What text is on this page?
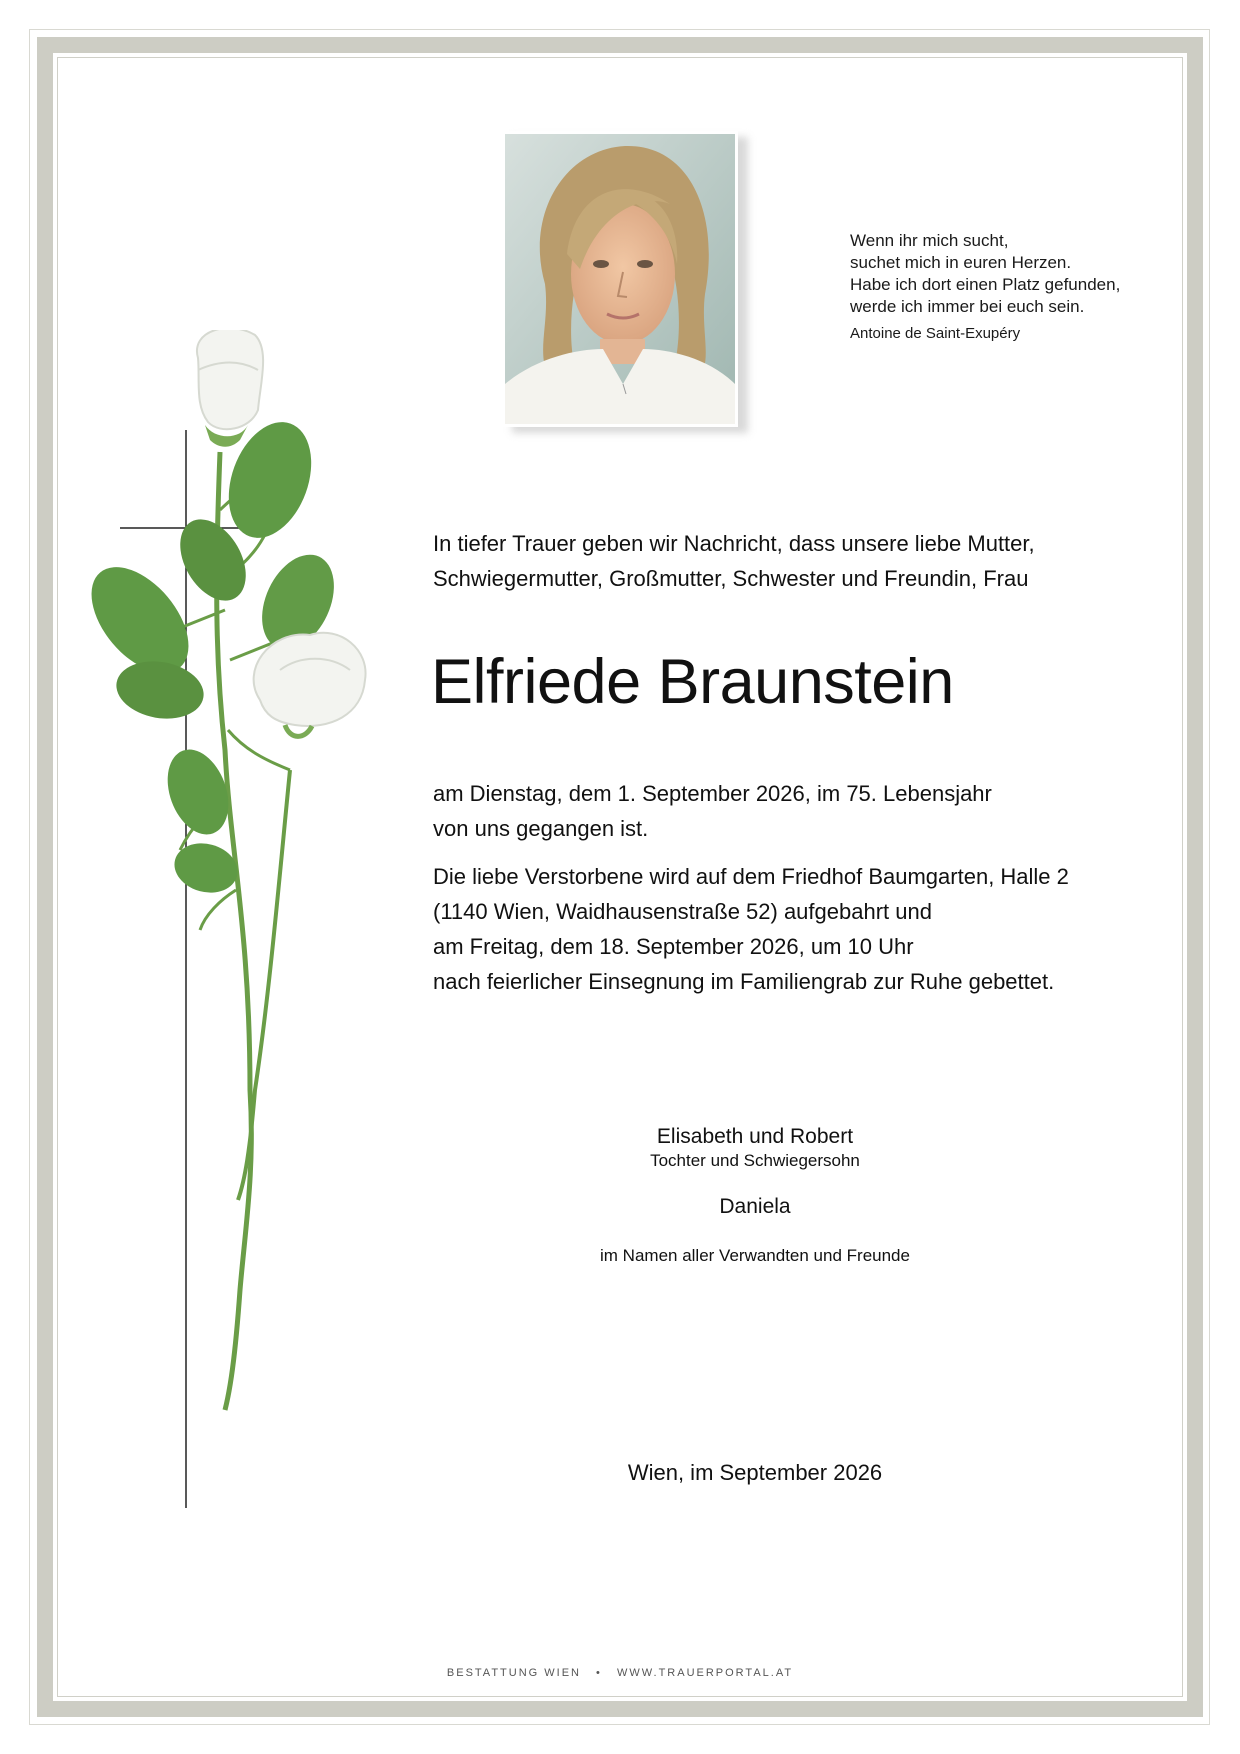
Wenn ihr mich sucht,
suchet mich in euren Herzen.
Habe ich dort einen Platz gefunden,
werde ich immer bei euch sein.
Antoine de Saint-Exupéry
In tiefer Trauer geben wir Nachricht, dass unsere liebe Mutter,
Schwiegermutter, Großmutter, Schwester und Freundin, Frau
Elfriede Braunstein
am Dienstag, dem 1. September 2026, im 75. Lebensjahr
von uns gegangen ist.
Die liebe Verstorbene wird auf dem Friedhof Baumgarten, Halle 2
(1140 Wien, Waidhausenstraße 52) aufgebahrt und
am Freitag, dem 18. September 2026, um 10 Uhr
nach feierlicher Einsegnung im Familiengrab zur Ruhe gebettet.
Elisabeth und Robert
Tochter und Schwiegersohn
Daniela
im Namen aller Verwandten und Freunde
Wien, im September 2026
BESTATTUNG WIEN • WWW.TRAUERPORTAL.AT
